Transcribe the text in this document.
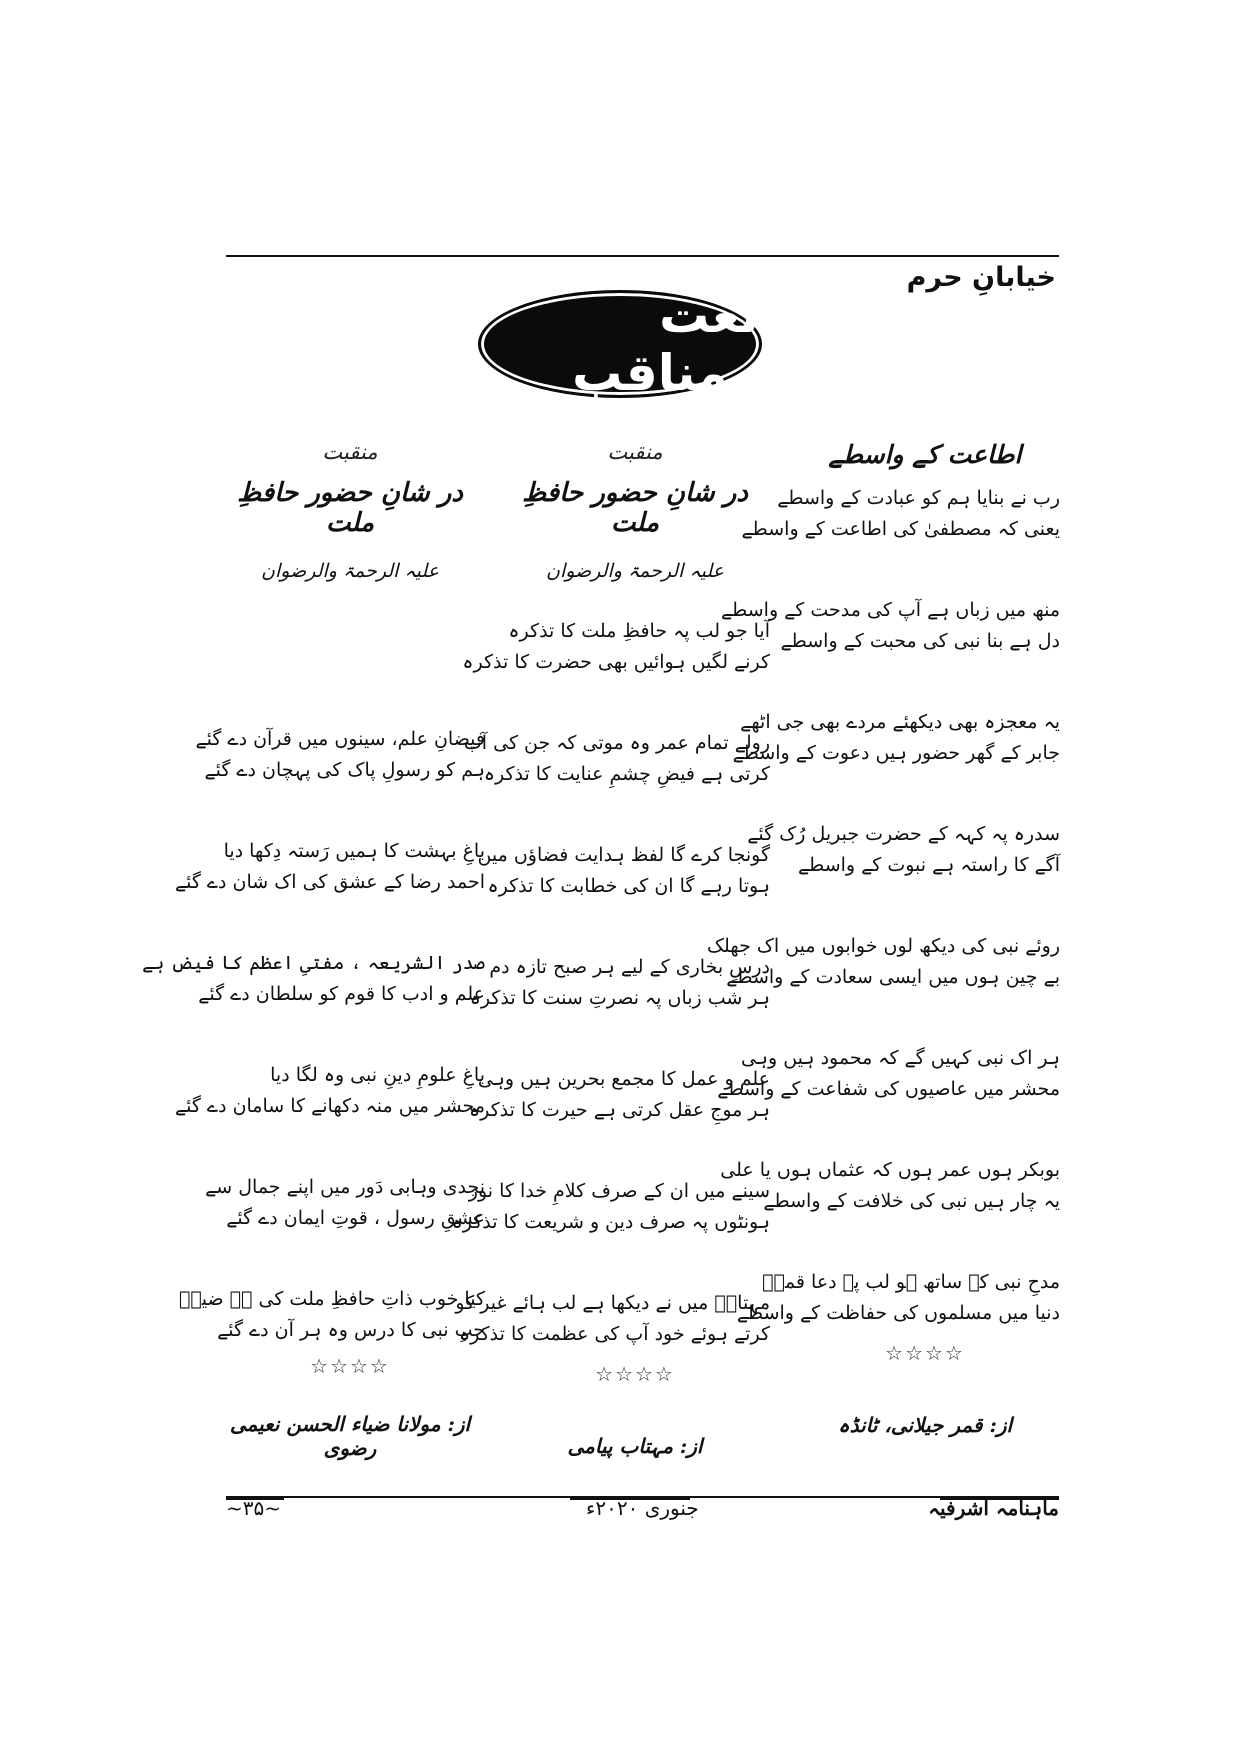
خیابانِ حرم
نعت ومناقب
اطاعت کے واسطے
رب نے بنایا ہم کو عبادت کے واسطے
یعنی کہ مصطفیٰ کی اطاعت کے واسطے
منھ میں زباں ہے آپ کی مدحت کے واسطے
دل ہے بنا نبی کی محبت کے واسطے
یہ معجزہ بھی دیکھئے مردے بھی جی اٹھے
جابر کے گھر حضور ہیں دعوت کے واسطے
سدرہ پہ کہہ کے حضرت جبریل رُک گئے
آگے کا راستہ ہے نبوت کے واسطے
روئے نبی کی دیکھ لوں خوابوں میں اک جھلک
بے چین ہوں میں ایسی سعادت کے واسطے
ہر اک نبی کہیں گے کہ محمود ہیں وہی
محشر میں عاصیوں کی شفاعت کے واسطے
بوبکر ہوں عمر ہوں کہ عثماں ہوں یا علی
یہ چار ہیں نبی کی خلافت کے واسطے
مدحِ نبی کے ساتھ ہو لب پہ دعا قمرؔ
دنیا میں مسلموں کی حفاظت کے واسطے
☆☆☆☆
از: قمر جیلانی، ٹانڈہ
منقبت
در شانِ حضور حافظِ ملت
علیہ الرحمۃ والرضوان
آیا جو لب پہ حافظِ ملت کا تذکرہ
کرنے لگیں ہوائیں بھی حضرت کا تذکرہ
رولے تمام عمر وہ موتی کہ جن کی آب
کرتی ہے فیضِ چشمِ عنایت کا تذکرہ
گونجا کرے گا لفظ ہدایت فضاؤں میں
ہوتا رہے گا ان کی خطابت کا تذکرہ
درسِ بخاری کے لیے ہر صبح تازہ دم
ہر شب زباں پہ نصرتِ سنت کا تذکرہ
علم و عمل کا مجمع بحرین ہیں وہی
ہر موجِ عقل کرتی ہے حیرت کا تذکرہ
سینے میں ان کے صرف کلامِ خدا کا نور
ہونٹوں پہ صرف دین و شریعت کا تذکرہ
مہتابؔ میں نے دیکھا ہے لب ہائے غیر کو
کرتے ہوئے خود آپ کی عظمت کا تذکرہ
☆☆☆☆
از: مہتاب پیامی
منقبت
در شانِ حضور حافظِ ملت
علیہ الرحمۃ والرضوان
فیضانِ علم، سینوں میں قرآن دے گئے
ہم کو رسولِ پاک کی پہچان دے گئے
باغِ بہشت کا ہمیں رَستہ دِکھا دیا
احمد رضا کے عشق کی اک شان دے گئے
صدر الشریعہ ، مفتیِ اعظم کا فیض ہے
علم و ادب کا قوم کو سلطان دے گئے
باغِ علومِ دینِ نبی وہ لگا دیا
محشر میں منہ دکھانے کا سامان دے گئے
نجدی وہابی دَور میں اپنے جمال سے
عشقِ رسول ، قوتِ ایمان دے گئے
کیا خوب ذاتِ حافظِ ملت کی ہے ضیاؔ
حبِ نبی کا درس وہ ہر آن دے گئے
☆☆☆☆
از: مولانا ضیاء الحسن نعیمی رضوی
~۳۵~	جنوری ۲۰۲۰ء	ماہنامہ اشرفیہ
